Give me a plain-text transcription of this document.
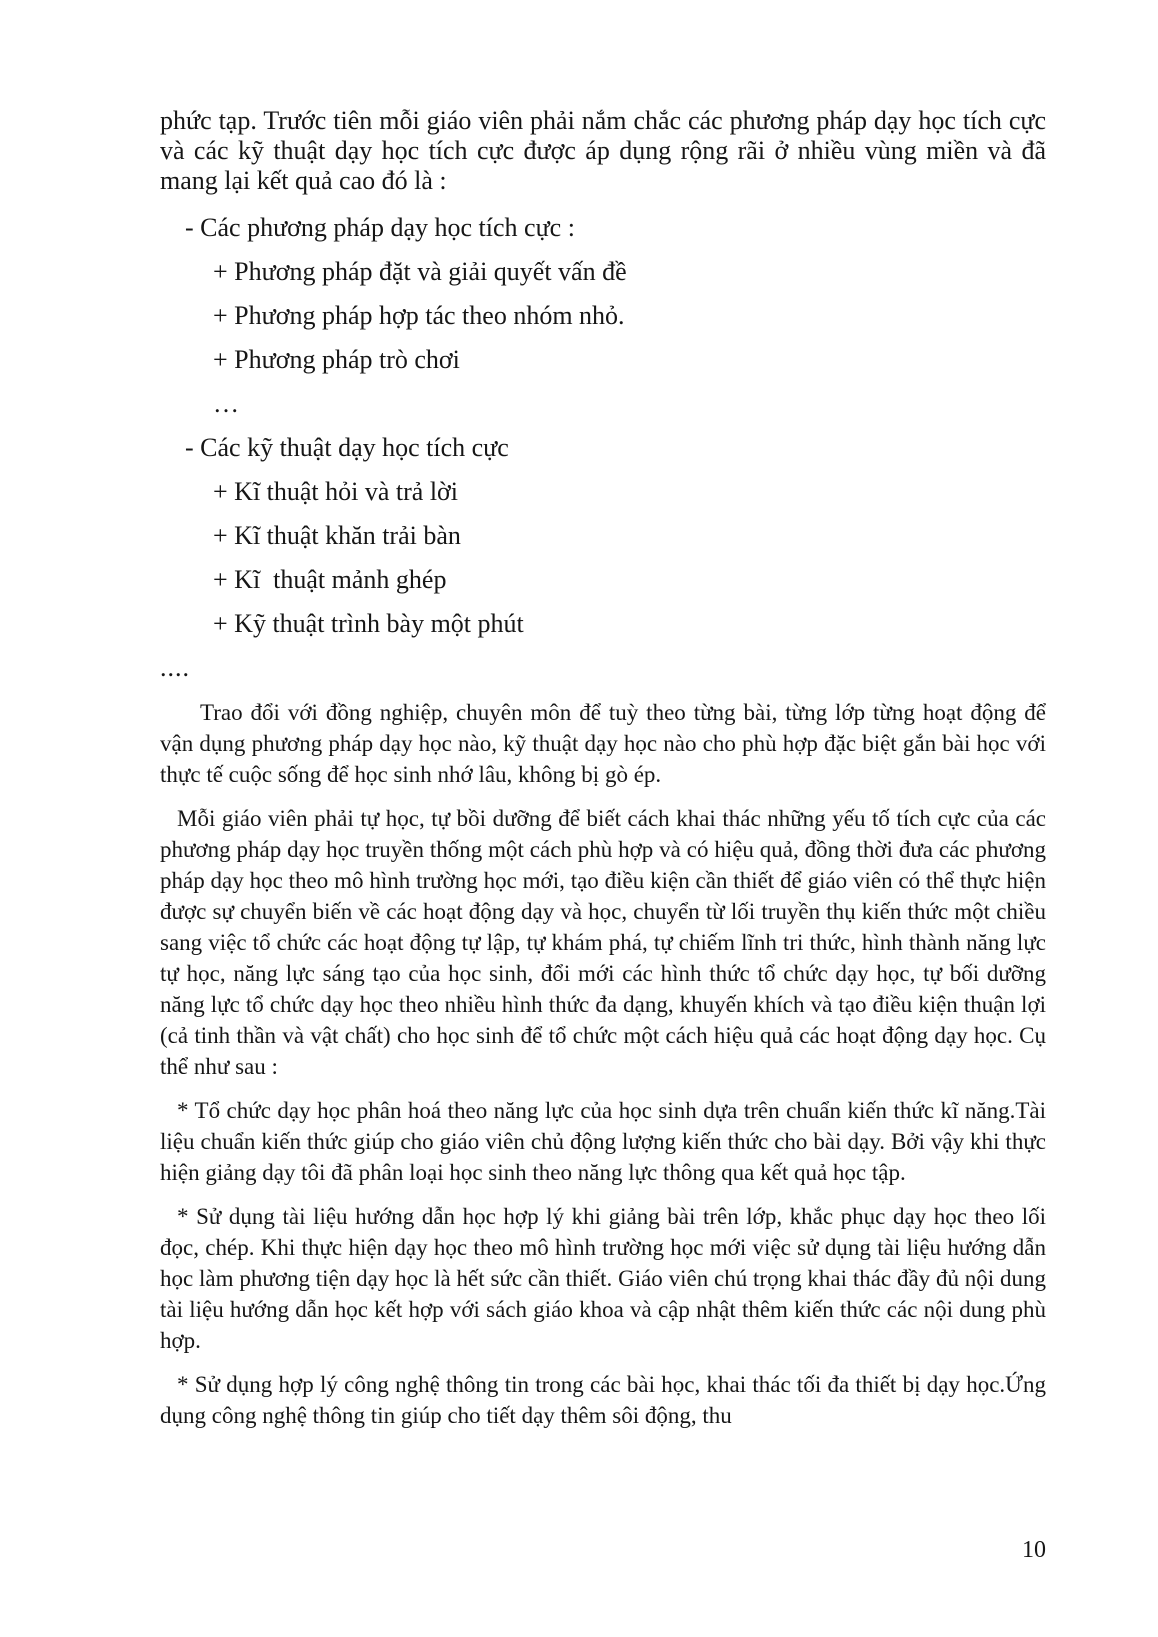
phức tạp. Trước tiên mỗi giáo viên phải nắm chắc các phương pháp dạy học tích cực và các kỹ thuật dạy học tích cực được áp dụng rộng rãi ở nhiều vùng miền và đã mang lại kết quả cao đó là :

- Các phương pháp dạy học tích cực :

+ Phương pháp đặt và giải quyết vấn đề

+ Phương pháp hợp tác theo nhóm nhỏ.

+ Phương pháp trò chơi

…

- Các kỹ thuật dạy học tích cực

+ Kĩ thuật hỏi và trả lời

+ Kĩ thuật khăn trải bàn

+ Kĩ  thuật mảnh ghép

+ Kỹ thuật trình bày một phút

....

Trao đổi với đồng nghiệp, chuyên môn để tuỳ theo từng bài, từng lớp từng hoạt động để vận dụng phương pháp dạy học nào, kỹ thuật dạy học nào cho phù hợp đặc biệt gắn bài học với thực tế cuộc sống để học sinh nhớ lâu, không bị gò ép.

Mỗi giáo viên phải tự học, tự bồi dưỡng để biết cách khai thác những yếu tố tích cực của các phương pháp dạy học truyền thống một cách phù hợp và có hiệu quả, đồng thời đưa các phương pháp dạy học theo mô hình trường học mới, tạo điều kiện cần thiết để giáo viên có thể thực hiện được sự chuyển biến về các hoạt động dạy và học, chuyển từ lối truyền thụ kiến thức một chiều sang việc tổ chức các hoạt động tự lập, tự khám phá, tự chiếm lĩnh tri thức, hình thành năng lực tự học, năng lực sáng tạo của học sinh, đổi mới các hình thức tổ chức dạy học, tự bối dưỡng năng lực tổ chức dạy học theo nhiều hình thức đa dạng, khuyến khích và tạo điều kiện thuận lợi (cả tinh thần và vật chất) cho học sinh để tổ chức một cách hiệu quả các hoạt động dạy học. Cụ thể như sau :

* Tổ chức dạy học phân hoá theo năng lực của học sinh dựa trên chuẩn kiến thức kĩ năng.Tài liệu chuẩn kiến thức giúp cho giáo viên chủ động lượng kiến thức cho bài dạy. Bởi vậy khi thực hiện giảng dạy tôi đã phân loại học sinh theo năng lực thông qua kết quả học tập.

* Sử dụng tài liệu hướng dẫn học hợp lý khi giảng bài trên lớp, khắc phục dạy học theo lối đọc, chép. Khi thực hiện dạy học theo mô hình trường học mới việc sử dụng tài liệu hướng dẫn học làm phương tiện dạy học là hết sức cần thiết. Giáo viên chú trọng khai thác đầy đủ nội dung tài liệu hướng dẫn học kết hợp với sách giáo khoa và cập nhật thêm kiến thức các nội dung phù hợp.

* Sử dụng hợp lý công nghệ thông tin trong các bài học, khai thác tối đa thiết bị dạy học.Ứng dụng công nghệ thông tin giúp cho tiết dạy thêm sôi động, thu

10
